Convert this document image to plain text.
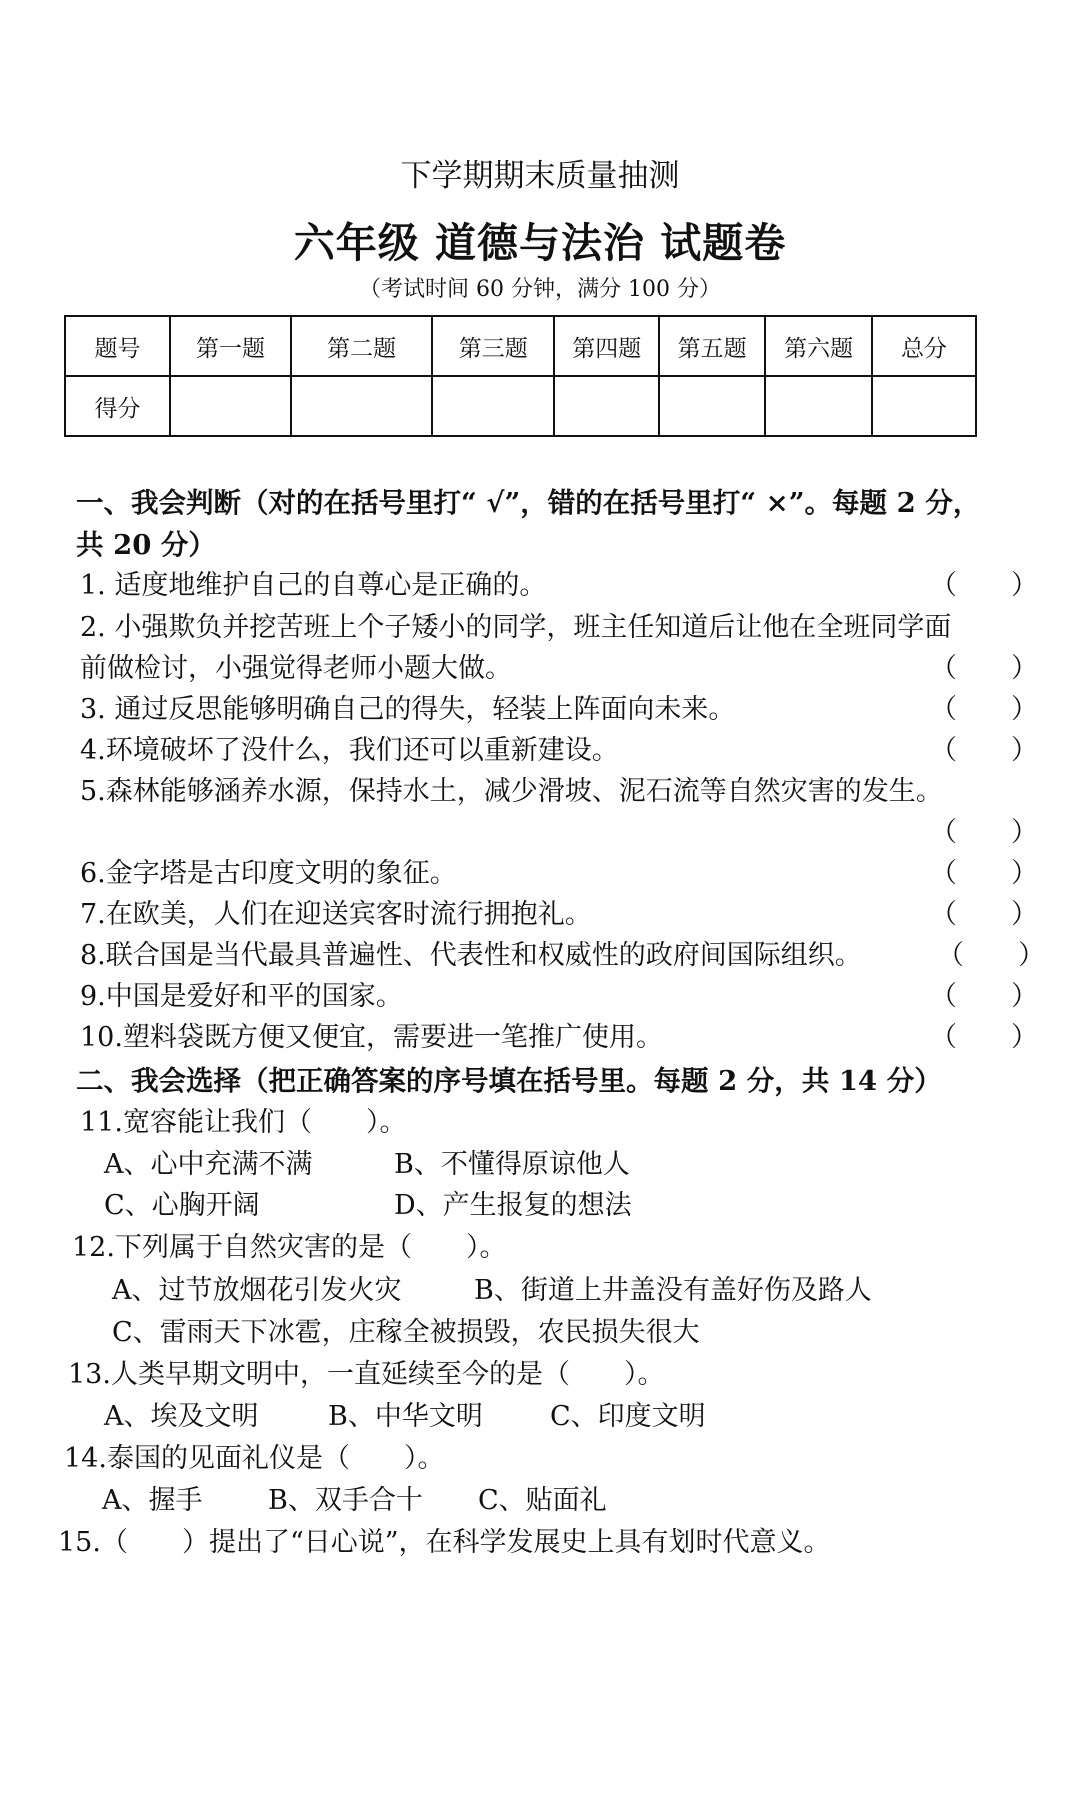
下学期期末质量抽测
六年级 道德与法治 试题卷
（考试时间 60 分钟，满分 100 分）
题号	第一题	第二题	第三题	第四题	第五题	第六题	总分
得分							
一、我会判断（对的在括号里打“ √”，错的在括号里打“ ×”。每题 2 分，
共 20 分）
1. 适度地维护自己的自尊心是正确的。	（　　）
2. 小强欺负并挖苦班上个子矮小的同学，班主任知道后让他在全班同学面
前做检讨，小强觉得老师小题大做。	（　　）
3. 通过反思能够明确自己的得失，轻装上阵面向未来。	（　　）
4.环境破坏了没什么，我们还可以重新建设。	（　　）
5.森林能够涵养水源，保持水土，减少滑坡、泥石流等自然灾害的发生。
（　　）
6.金字塔是古印度文明的象征。	（　　）
7.在欧美，人们在迎送宾客时流行拥抱礼。	（　　）
8.联合国是当代最具普遍性、代表性和权威性的政府间国际组织。	（　　）
9.中国是爱好和平的国家。	（　　）
10.塑料袋既方便又便宜，需要进一笔推广使用。	（　　）
二、我会选择（把正确答案的序号填在括号里。每题 2 分，共 14 分）
11.宽容能让我们（　　）。
A、心中充满不满	B、不懂得原谅他人
C、心胸开阔	D、产生报复的想法
12.下列属于自然灾害的是（　　）。
A、过节放烟花引发火灾	B、街道上井盖没有盖好伤及路人
C、雷雨天下冰雹，庄稼全被损毁，农民损失很大
13.人类早期文明中，一直延续至今的是（　　）。
A、埃及文明	B、中华文明 C、印度文明
14.泰国的见面礼仪是（　　）。
A、握手 B、双手合十 C、贴面礼
15.（　　）提出了“日心说”，在科学发展史上具有划时代意义。
